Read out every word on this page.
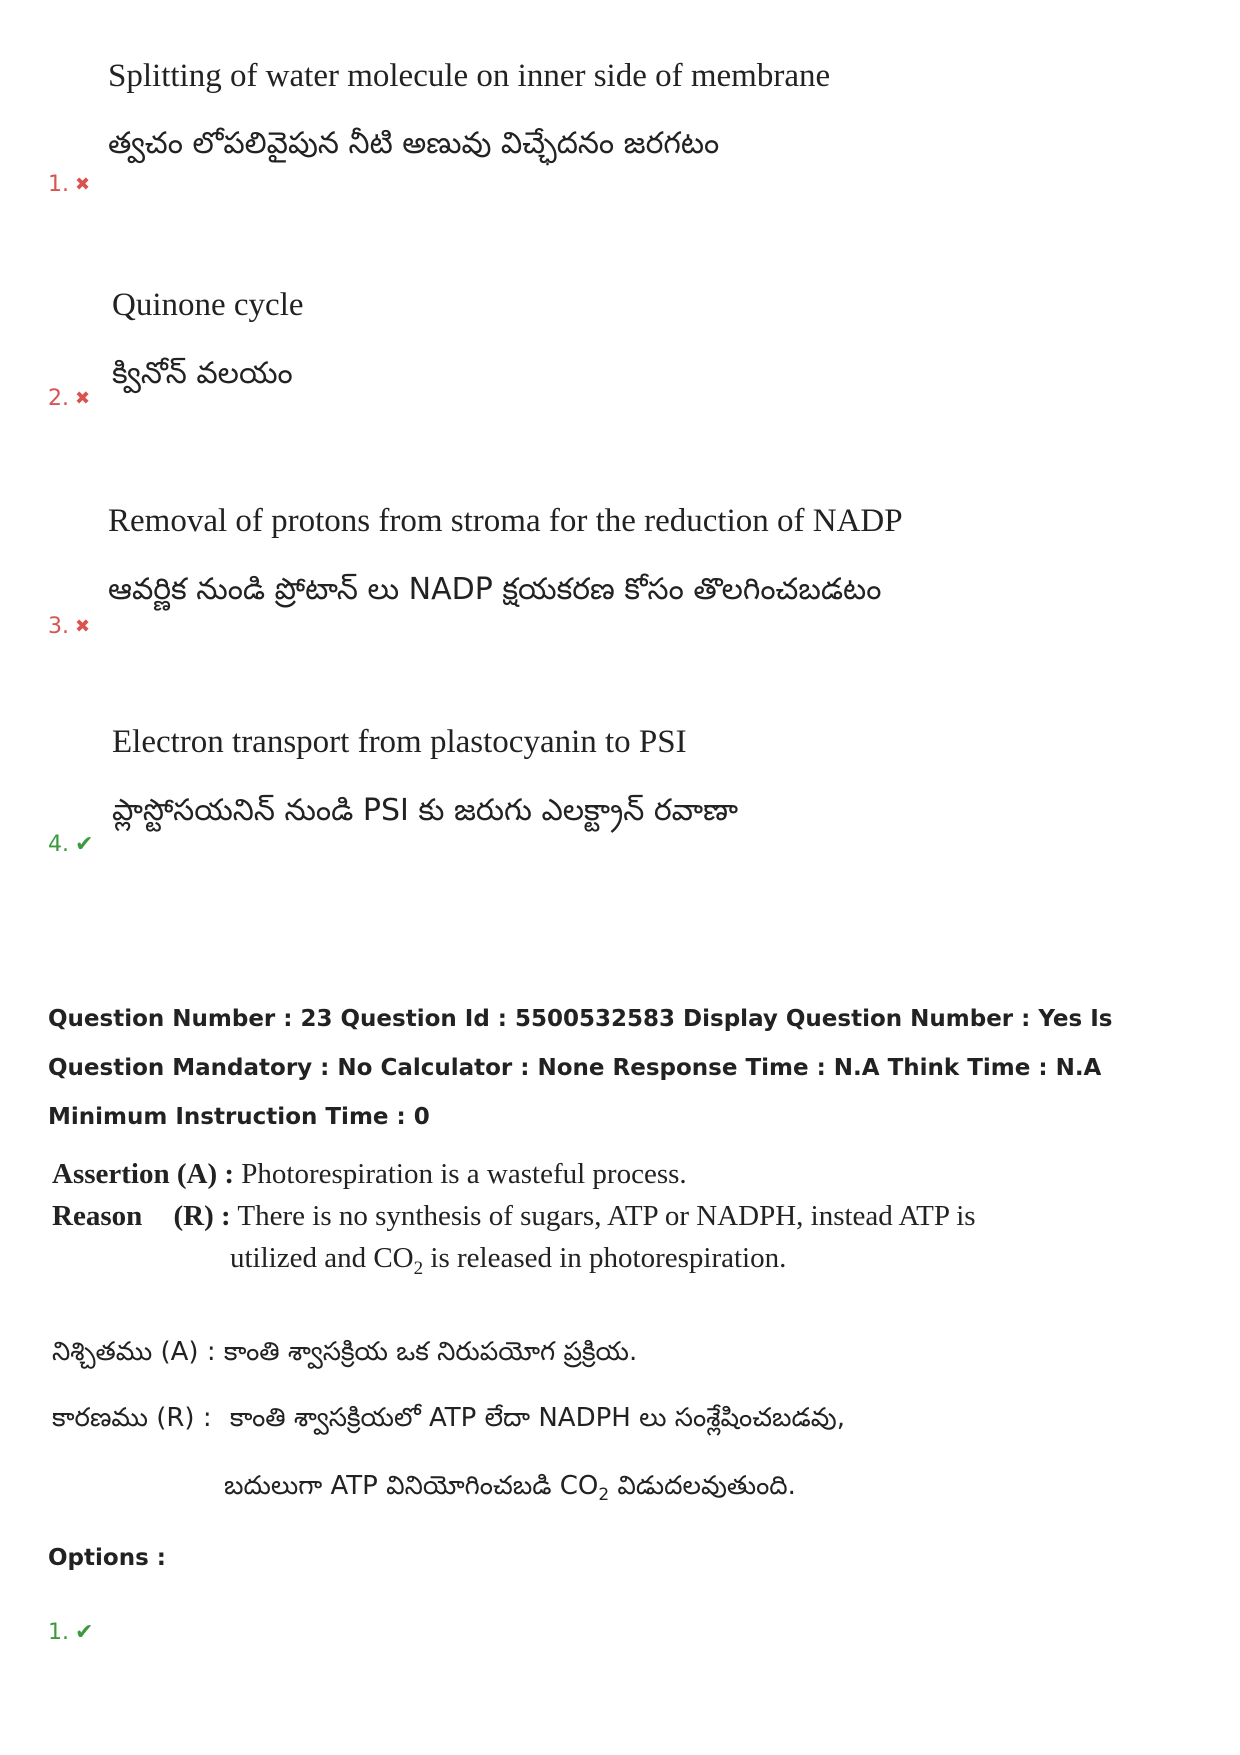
Splitting of water molecule on inner side of membrane
త్వచం లోపలివైపున నీటి అణువు విచ్ఛేదనం జరగటం
1. ✖
Quinone cycle
క్వినోన్ వలయం
2. ✖
Removal of protons from stroma for the reduction of NADP
ఆవర్ణిక నుండి ప్రోటాన్ లు NADP క్షయకరణ కోసం తొలగించబడటం
3. ✖
Electron transport from plastocyanin to PSI
ప్లాస్టోసయనిన్ నుండి PSI కు జరుగు ఎలక్ట్రాన్ రవాణా
4. ✔
Question Number : 23 Question Id : 5500532583 Display Question Number : Yes Is Question Mandatory : No Calculator : None Response Time : N.A Think Time : N.A Minimum Instruction Time : 0
Assertion (A) : Photorespiration is a wasteful process.
Reason (R) : There is no synthesis of sugars, ATP or NADPH, instead ATP is
utilized and $CO_2$ is released in photorespiration.
నిశ్చితము (A) : కాంతి శ్వాసక్రియ ఒక నిరుపయోగ ప్రక్రియ.
కారణము (R) : కాంతి శ్వాసక్రియలో ATP లేదా NADPH లు సంశ్లేషించబడవు,
బదులుగా ATP వినియోగించబడి $CO_2$ విడుదలవుతుంది.
Options :
1. ✔
